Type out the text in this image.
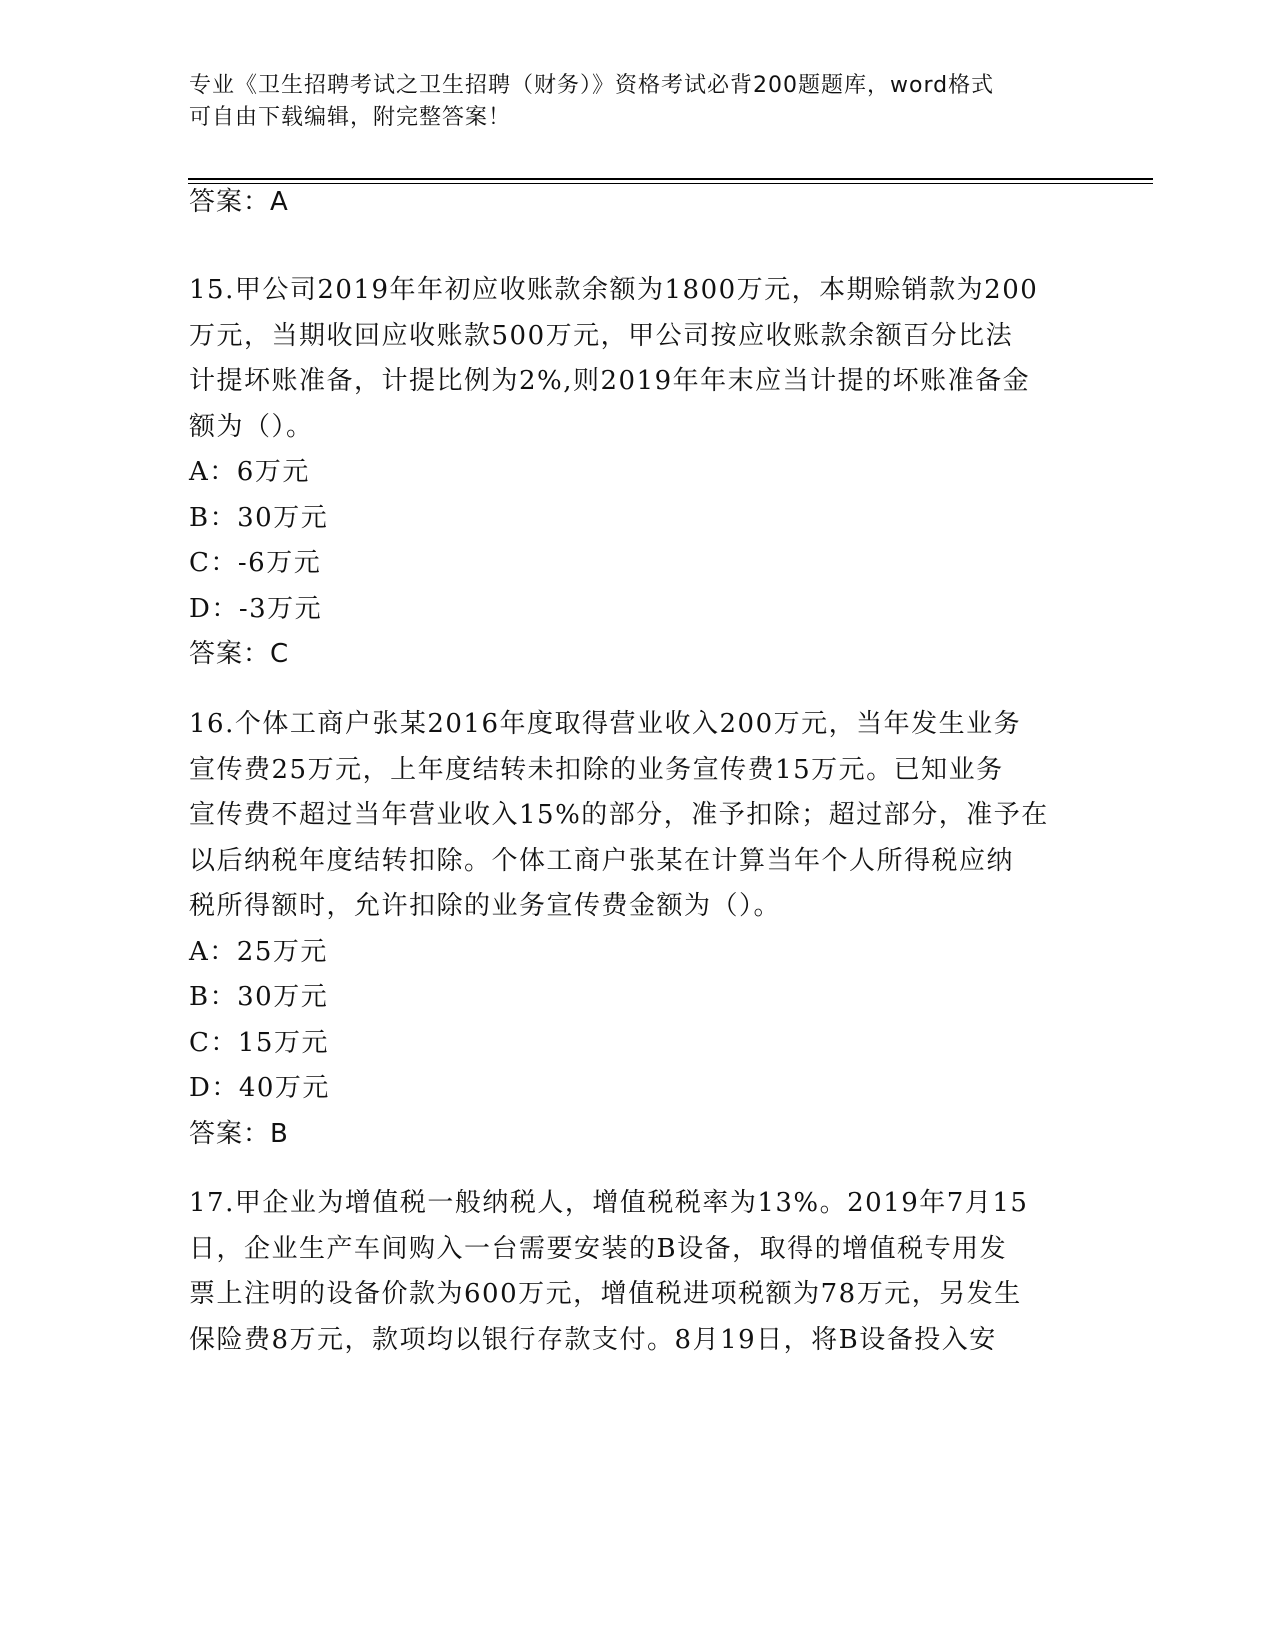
专业《卫生招聘考试之卫生招聘（财务）》资格考试必背200题题库，word格式
可自由下载编辑，附完整答案！
答案：A
15.甲公司2019年年初应收账款余额为1800万元，本期赊销款为200
万元，当期收回应收账款500万元，甲公司按应收账款余额百分比法
计提坏账准备，计提比例为2%,则2019年年末应当计提的坏账准备金
额为（）。
A：6万元
B：30万元
C：-6万元
D：-3万元
答案：C
16.个体工商户张某2016年度取得营业收入200万元，当年发生业务
宣传费25万元，上年度结转未扣除的业务宣传费15万元。已知业务
宣传费不超过当年营业收入15%的部分，准予扣除；超过部分，准予在
以后纳税年度结转扣除。个体工商户张某在计算当年个人所得税应纳
税所得额时，允许扣除的业务宣传费金额为（）。
A：25万元
B：30万元
C：15万元
D：40万元
答案：B
17.甲企业为增值税一般纳税人，增值税税率为13%。2019年7月15
日，企业生产车间购入一台需要安装的B设备，取得的增值税专用发
票上注明的设备价款为600万元，增值税进项税额为78万元，另发生
保险费8万元，款项均以银行存款支付。8月19日，将B设备投入安
